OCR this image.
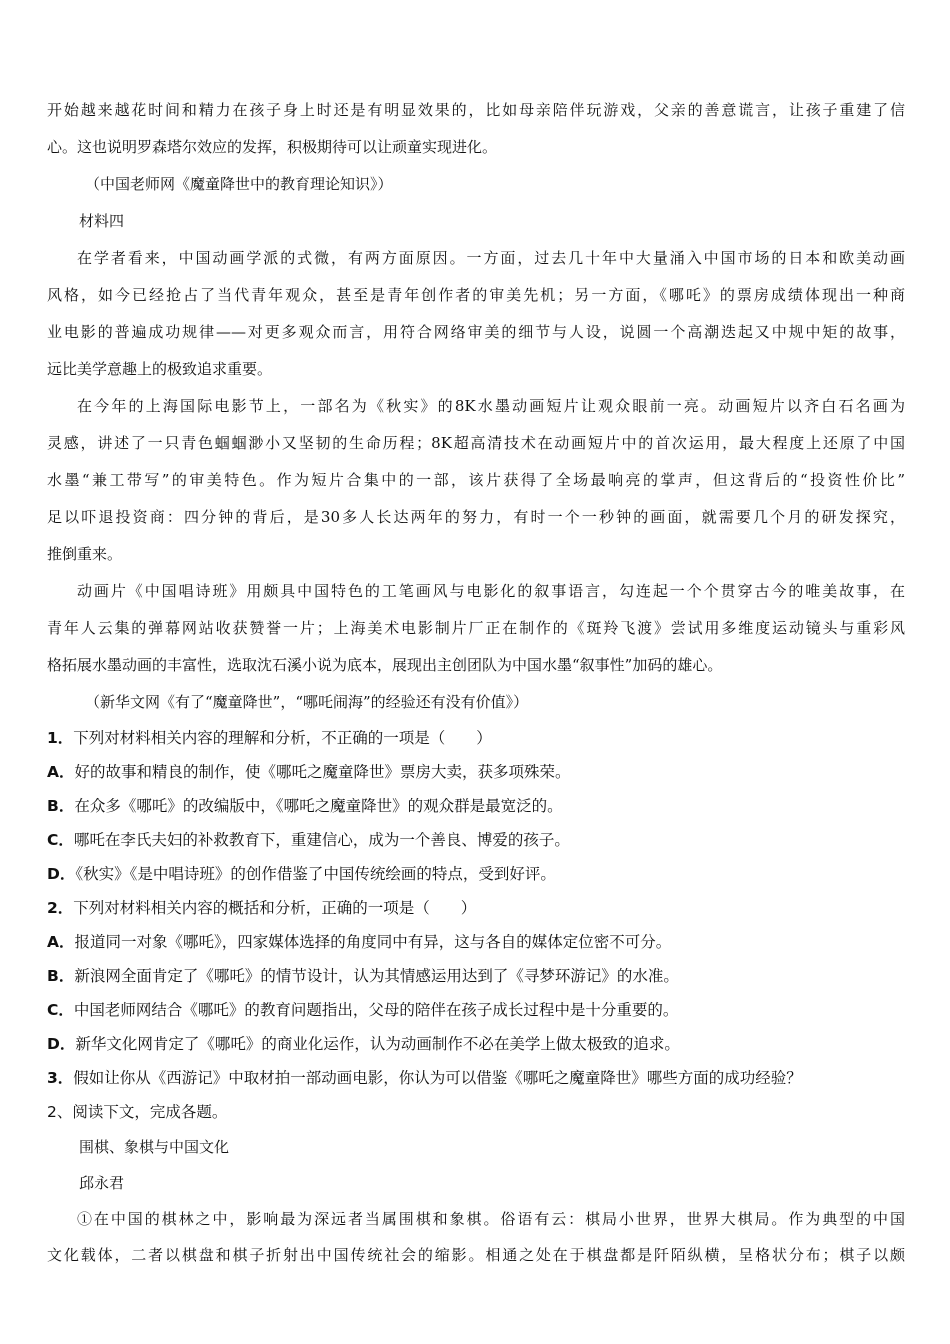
开始越来越花时间和精力在孩子身上时还是有明显效果的，比如母亲陪伴玩游戏，父亲的善意谎言，让孩子重建了信
心。这也说明罗森塔尔效应的发挥，积极期待可以让顽童实现进化。
（中国老师网《魔童降世中的教育理论知识》）
材料四
在学者看来，中国动画学派的式微，有两方面原因。一方面，过去几十年中大量涌入中国市场的日本和欧美动画
风格，如今已经抢占了当代青年观众，甚至是青年创作者的审美先机；另一方面，《哪吒》的票房成绩体现出一种商
业电影的普遍成功规律——对更多观众而言，用符合网络审美的细节与人设，说圆一个高潮迭起又中规中矩的故事，
远比美学意趣上的极致追求重要。
在今年的上海国际电影节上，一部名为《秋实》的8K水墨动画短片让观众眼前一亮。动画短片以齐白石名画为
灵感，讲述了一只青色蝈蝈渺小又坚韧的生命历程；8K超高清技术在动画短片中的首次运用，最大程度上还原了中国
水墨“兼工带写”的审美特色。作为短片合集中的一部，该片获得了全场最响亮的掌声，但这背后的“投资性价比”
足以吓退投资商：四分钟的背后，是30多人长达两年的努力，有时一个一秒钟的画面，就需要几个月的研发探究，
推倒重来。
动画片《中国唱诗班》用颇具中国特色的工笔画风与电影化的叙事语言，勾连起一个个贯穿古今的唯美故事，在
青年人云集的弹幕网站收获赞誉一片；上海美术电影制片厂正在制作的《斑羚飞渡》尝试用多维度运动镜头与重彩风
格拓展水墨动画的丰富性，选取沈石溪小说为底本，展现出主创团队为中国水墨“叙事性”加码的雄心。
（新华文网《有了“魔童降世”，“哪吒闹海”的经验还有没有价值》）
1．下列对材料相关内容的理解和分析，不正确的一项是（　　）
A．好的故事和精良的制作，使《哪吒之魔童降世》票房大卖，获多项殊荣。
B．在众多《哪吒》的改编版中，《哪吒之魔童降世》的观众群是最宽泛的。
C．哪吒在李氏夫妇的补救教育下，重建信心，成为一个善良、博爱的孩子。
D．《秋实》《是中唱诗班》的创作借鉴了中国传统绘画的特点，受到好评。
2．下列对材料相关内容的概括和分析，正确的一项是（　　）
A．报道同一对象《哪吒》，四家媒体选择的角度同中有异，这与各自的媒体定位密不可分。
B．新浪网全面肯定了《哪吒》的情节设计，认为其情感运用达到了《寻梦环游记》的水准。
C．中国老师网结合《哪吒》的教育问题指出，父母的陪伴在孩子成长过程中是十分重要的。
D．新华文化网肯定了《哪吒》的商业化运作，认为动画制作不必在美学上做太极致的追求。
3．假如让你从《西游记》中取材拍一部动画电影，你认为可以借鉴《哪吒之魔童降世》哪些方面的成功经验？
2、阅读下文，完成各题。
围棋、象棋与中国文化
邱永君
①在中国的棋林之中，影响最为深远者当属围棋和象棋。俗语有云：棋局小世界，世界大棋局。作为典型的中国
文化载体，二者以棋盘和棋子折射出中国传统社会的缩影。相通之处在于棋盘都是阡陌纵横，呈格状分布；棋子以颇
